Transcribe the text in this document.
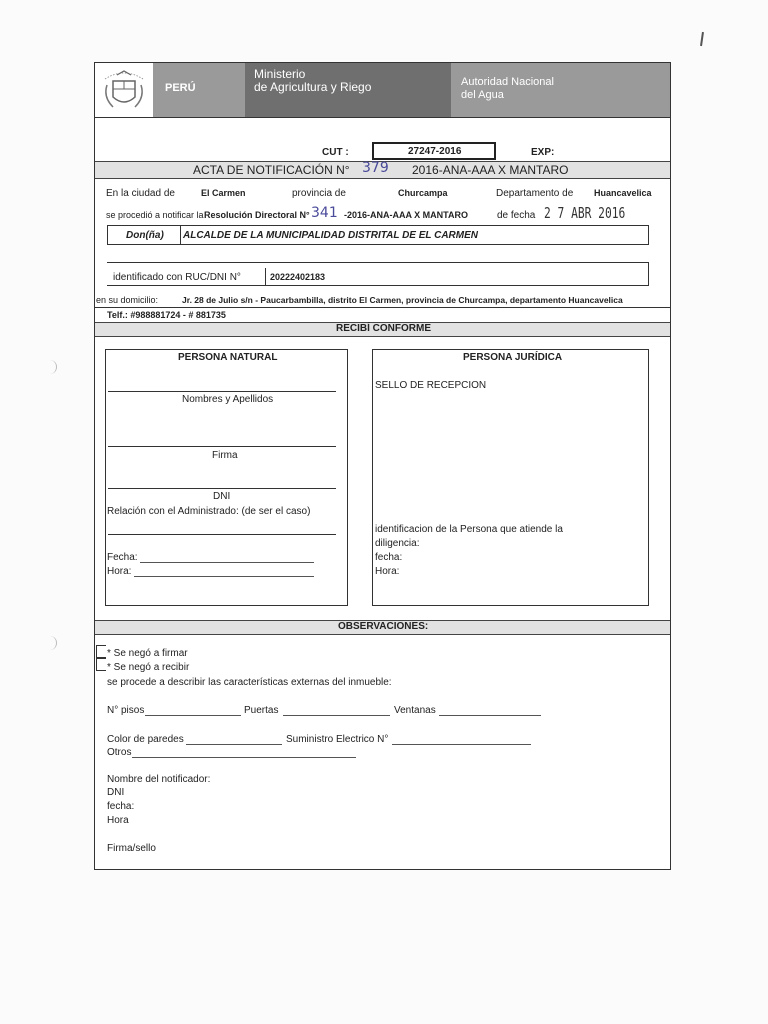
PERÚ
Ministerio
de Agricultura y Riego	Autoridad Nacional
del Agua
CUT :	27247-2016	EXP:
ACTA DE NOTIFICACIÓN N° 379 2016-ANA-AAA X MANTARO
En la ciudad de	El Carmen	provincia de	Churcampa	Departamento de Huancavelica
se procedió a notificar la Resolución Directoral N° 341 -2016-ANA-AAA X MANTARO	de fecha 2 7 ABR 2016
Don(ña) ALCALDE DE LA MUNICIPALIDAD DISTRITAL DE EL CARMEN
identificado con RUC/DNI N°	20222402183
en su domicilio:	Jr. 28 de Julio s/n - Paucarbambilla, distrito El Carmen, provincia de Churcampa, departamento Huancavelica
Telf.: #988881724 - # 881735
RECIBÍ CONFORME
PERSONA NATURAL
Nombres y Apellidos
Firma
DNI
Relación con el Administrado: (de ser el caso)
Fecha:
Hora:
PERSONA JURÍDICA
SELLO DE RECEPCION
identificacion de la Persona que atiende la
diligencia:
fecha:
Hora:
OBSERVACIONES:
* Se negó a firmar
* Se negó a recibir
se procede a describir las características externas del inmueble:
N° pisos	Puertas	Ventanas
Color de paredes	Suministro Electrico N°
Otros
Nombre del notificador:
DNI
fecha:
Hora
Firma/sello
